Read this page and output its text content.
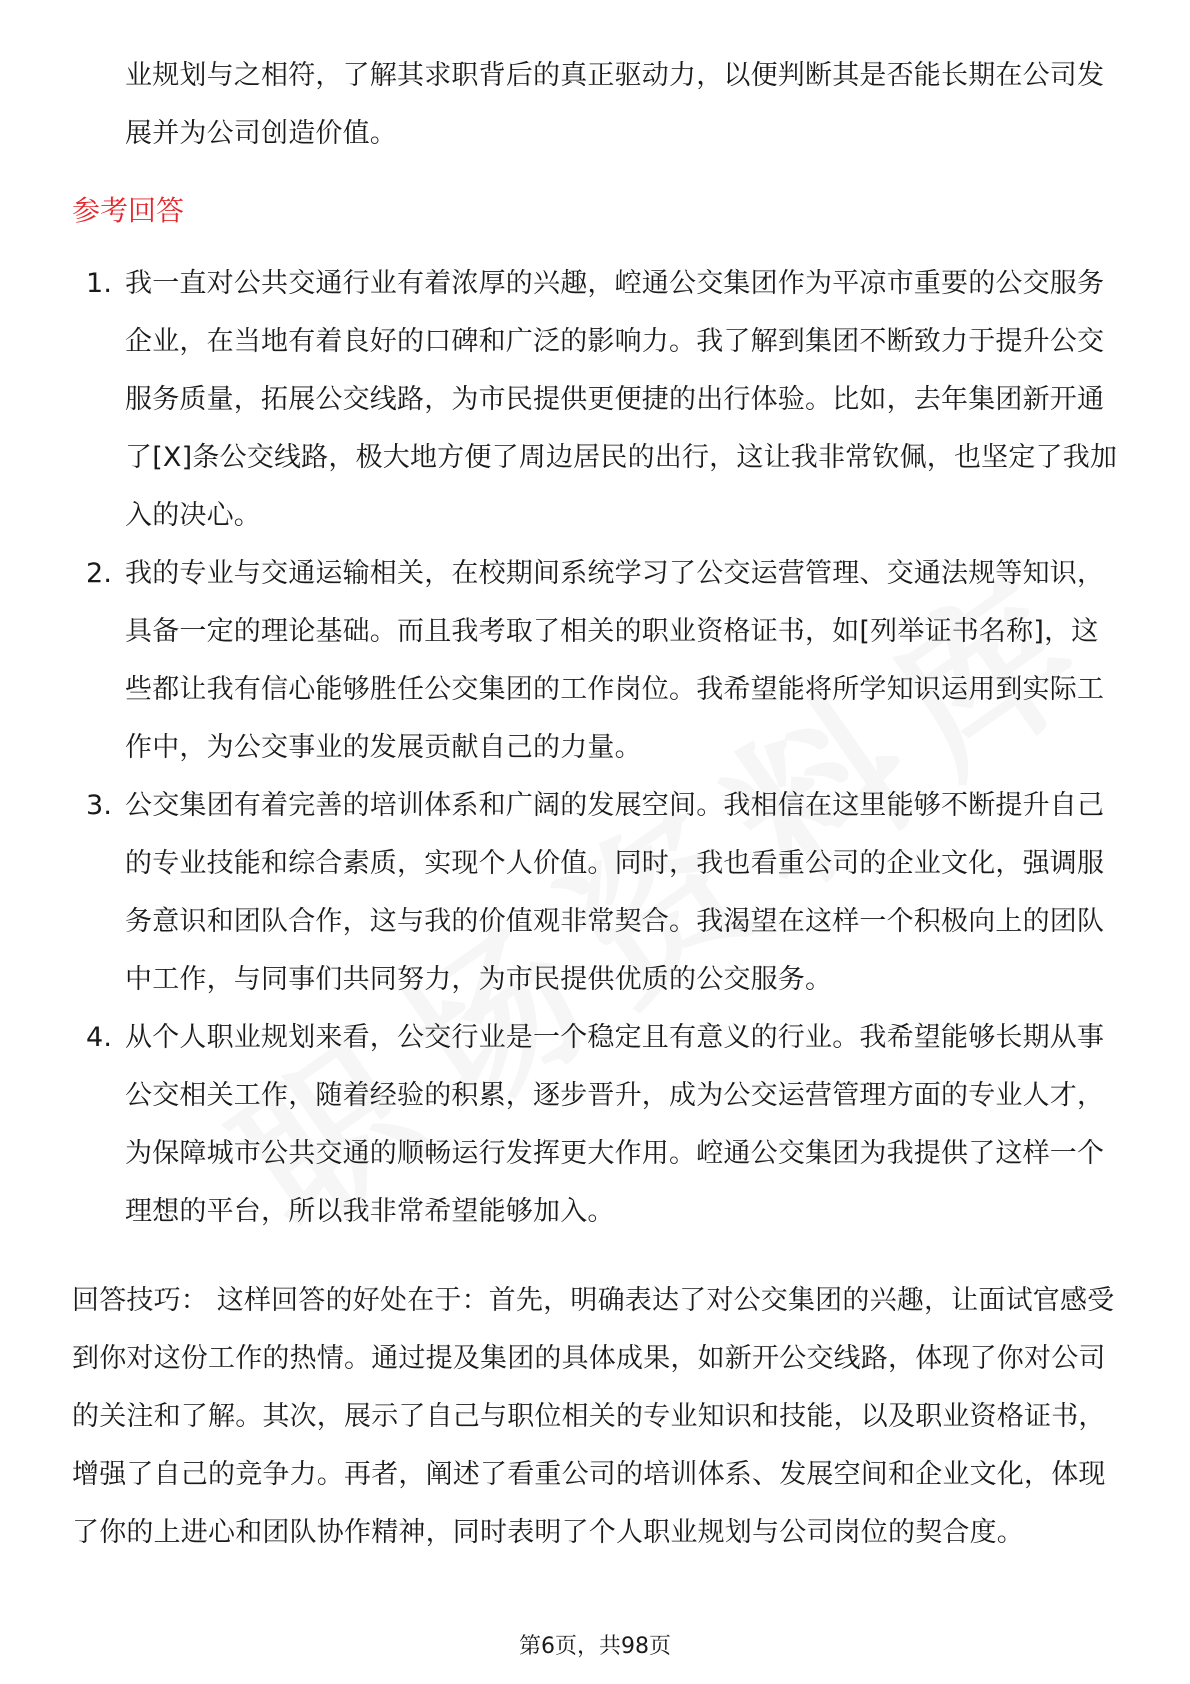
业规划与之相符，了解其求职背后的真正驱动力，以便判断其是否能长期在公司发展并为公司创造价值。

参考回答
1. 我一直对公共交通行业有着浓厚的兴趣，崆通公交集团作为平凉市重要的公交服务企业，在当地有着良好的口碑和广泛的影响力。我了解到集团不断致力于提升公交服务质量，拓展公交线路，为市民提供更便捷的出行体验。比如，去年集团新开通了[X]条公交线路，极大地方便了周边居民的出行，这让我非常钦佩，也坚定了我加入的决心。
2. 我的专业与交通运输相关，在校期间系统学习了公交运营管理、交通法规等知识，具备一定的理论基础。而且我考取了相关的职业资格证书，如[列举证书名称]，这些都让我有信心能够胜任公交集团的工作岗位。我希望能将所学知识运用到实际工作中，为公交事业的发展贡献自己的力量。
3. 公交集团有着完善的培训体系和广阔的发展空间。我相信在这里能够不断提升自己的专业技能和综合素质，实现个人价值。同时，我也看重公司的企业文化，强调服务意识和团队合作，这与我的价值观非常契合。我渴望在这样一个积极向上的团队中工作，与同事们共同努力，为市民提供优质的公交服务。
4. 从个人职业规划来看，公交行业是一个稳定且有意义的行业。我希望能够长期从事公交相关工作，随着经验的积累，逐步晋升，成为公交运营管理方面的专业人才，为保障城市公共交通的顺畅运行发挥更大作用。崆通公交集团为我提供了这样一个理想的平台，所以我非常希望能够加入。

回答技巧： 这样回答的好处在于：首先，明确表达了对公交集团的兴趣，让面试官感受到你对这份工作的热情。通过提及集团的具体成果，如新开公交线路，体现了你对公司的关注和了解。其次，展示了自己与职位相关的专业知识和技能，以及职业资格证书，增强了自己的竞争力。再者，阐述了看重公司的培训体系、发展空间和企业文化，体现了你的上进心和团队协作精神，同时表明了个人职业规划与公司岗位的契合度。

第6页，共98页
